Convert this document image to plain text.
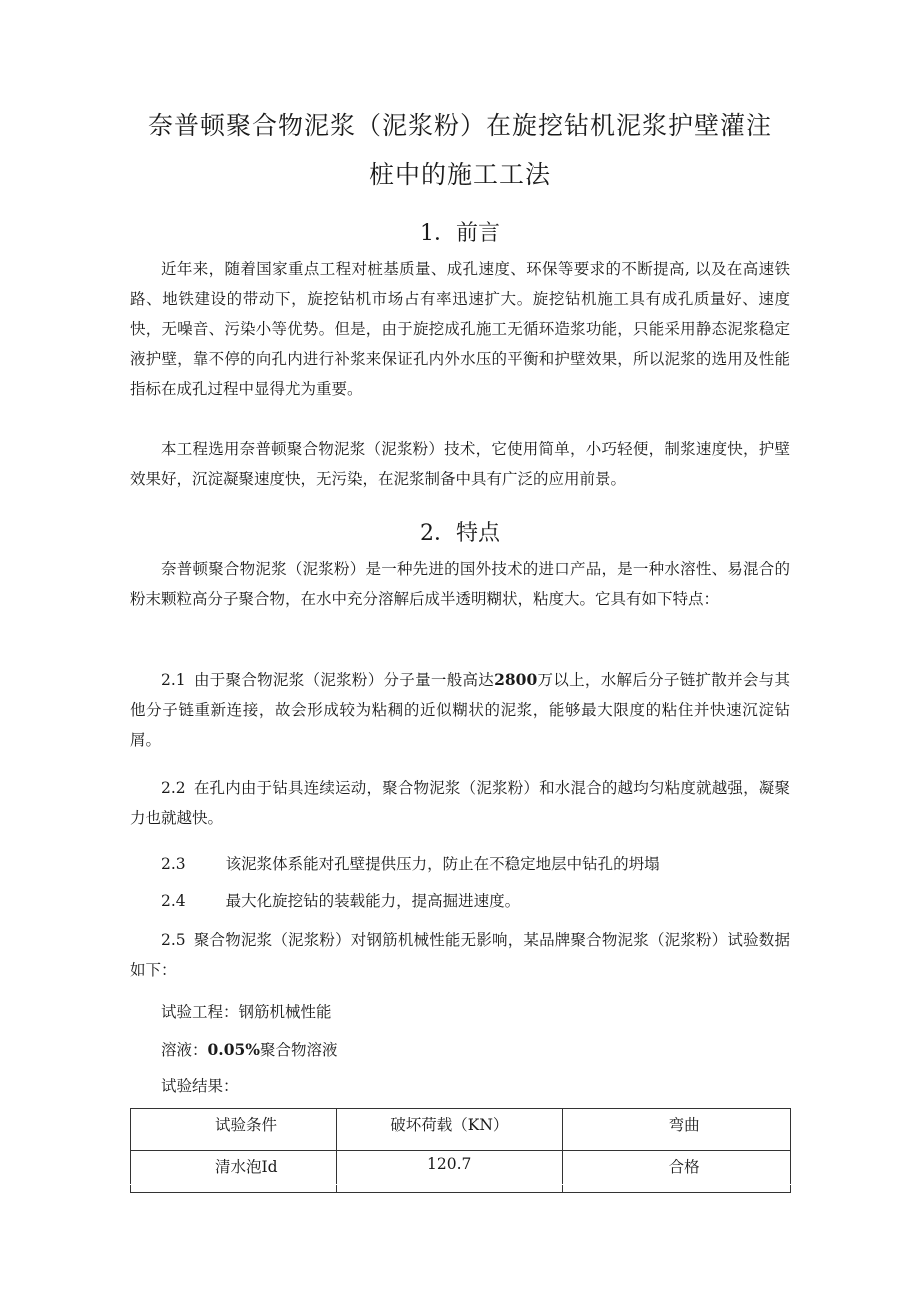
奈普顿聚合物泥浆（泥浆粉）在旋挖钻机泥浆护壁灌注
桩中的施工工法
1．前言

近年来，随着国家重点工程对桩基质量、成孔速度、环保等要求的不断提高, 以及在高速铁路、地铁建设的带动下，旋挖钻机市场占有率迅速扩大。旋挖钻机施工具有成孔质量好、速度快，无噪音、污染小等优势。但是，由于旋挖成孔施工无循环造浆功能，只能采用静态泥浆稳定液护壁，靠不停的向孔内进行补浆来保证孔内外水压的平衡和护壁效果，所以泥浆的选用及性能指标在成孔过程中显得尤为重要。

本工程选用奈普顿聚合物泥浆（泥浆粉）技术，它使用简单，小巧轻便，制浆速度快，护壁效果好，沉淀凝聚速度快，无污染，在泥浆制备中具有广泛的应用前景。

2．特点

奈普顿聚合物泥浆（泥浆粉）是一种先进的国外技术的进口产品，是一种水溶性、易混合的粉末颗粒高分子聚合物，在水中充分溶解后成半透明糊状，粘度大。它具有如下特点：

2.1 由于聚合物泥浆（泥浆粉）分子量一般高达2800万以上，水解后分子链扩散并会与其他分子链重新连接，故会形成较为粘稠的近似糊状的泥浆，能够最大限度的粘住并快速沉淀钻屑。

2.2 在孔内由于钻具连续运动，聚合物泥浆（泥浆粉）和水混合的越均匀粘度就越强，凝聚力也就越快。

2.3	该泥浆体系能对孔壁提供压力，防止在不稳定地层中钻孔的坍塌

2.4	最大化旋挖钻的装载能力，提高掘进速度。

2.5 聚合物泥浆（泥浆粉）对钢筋机械性能无影响，某品牌聚合物泥浆（泥浆粉）试验数据如下：

试验工程：钢筋机械性能

溶液：0.05%聚合物溶液

试验结果：

试验条件	破坏荷载（KN）	弯曲
清水泡Id	120.7	合格
